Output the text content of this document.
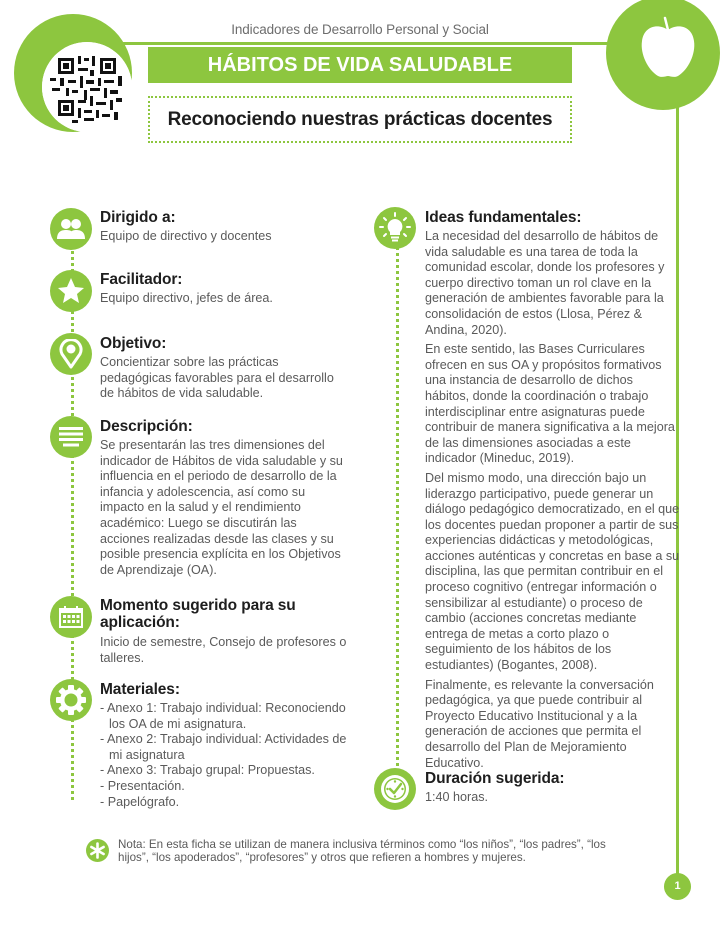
Indicadores de Desarrollo Personal y Social
HÁBITOS DE VIDA SALUDABLE
Reconociendo nuestras prácticas docentes
1
Dirigido a:

Equipo de directivo y docentes

Facilitador:

Equipo directivo, jefes de área.

Objetivo:

Concientizar sobre las prácticas pedagógicas favorables para el desarrollo de hábitos de vida saludable.

Descripción:

Se presentarán las tres dimensiones del indicador de Hábitos de vida saludable y su influencia en el periodo de desarrollo de la infancia y adolescencia, así como su impacto en la salud y el rendimiento académico: Luego se discutirán las acciones realizadas desde las clases y su posible presencia explícita en los Objetivos de Aprendizaje (OA).

Momento sugerido para su aplicación:

Inicio de semestre, Consejo de profesores o talleres.

Materiales:
- Anexo 1: Trabajo individual: Reconociendo los OA de mi asignatura.
- Anexo 2: Trabajo individual: Actividades de mi asignatura
- Anexo 3: Trabajo grupal: Propuestas.
- Presentación.
- Papelógrafo.
Ideas fundamentales:

La necesidad del desarrollo de hábitos de vida saludable es una tarea de toda la comunidad escolar, donde los profesores y cuerpo directivo toman un rol clave en la generación de ambientes favorable para la consolidación de estos (Llosa, Pérez & Andina, 2020).

En este sentido, las Bases Curriculares ofrecen en sus OA y propósitos formativos una instancia de desarrollo de dichos hábitos, donde la coordinación o trabajo interdisciplinar entre asignaturas puede contribuir de manera significativa a la mejora de las dimensiones asociadas a este indicador (Mineduc, 2019).

Del mismo modo, una dirección bajo un liderazgo participativo, puede generar un diálogo pedagógico democratizado, en el que los docentes puedan proponer a partir de sus experiencias didácticas y metodológicas, acciones auténticas y concretas en base a su disciplina, las que permitan contribuir en el proceso cognitivo (entregar información o sensibilizar al estudiante) o proceso de cambio (acciones concretas mediante entrega de metas a corto plazo o seguimiento de los hábitos de los estudiantes) (Bogantes, 2008).

Finalmente, es relevante la conversación pedagógica, ya que puede contribuir al Proyecto Educativo Institucional y a la generación de acciones que permita el desarrollo del Plan de Mejoramiento Educativo.

Duración sugerida:

1:40 horas.

Nota: En esta ficha se utilizan de manera inclusiva términos como “los niños”, “los padres”, “los hijos”, “los apoderados”, “profesores” y otros que refieren a hombres y mujeres.
